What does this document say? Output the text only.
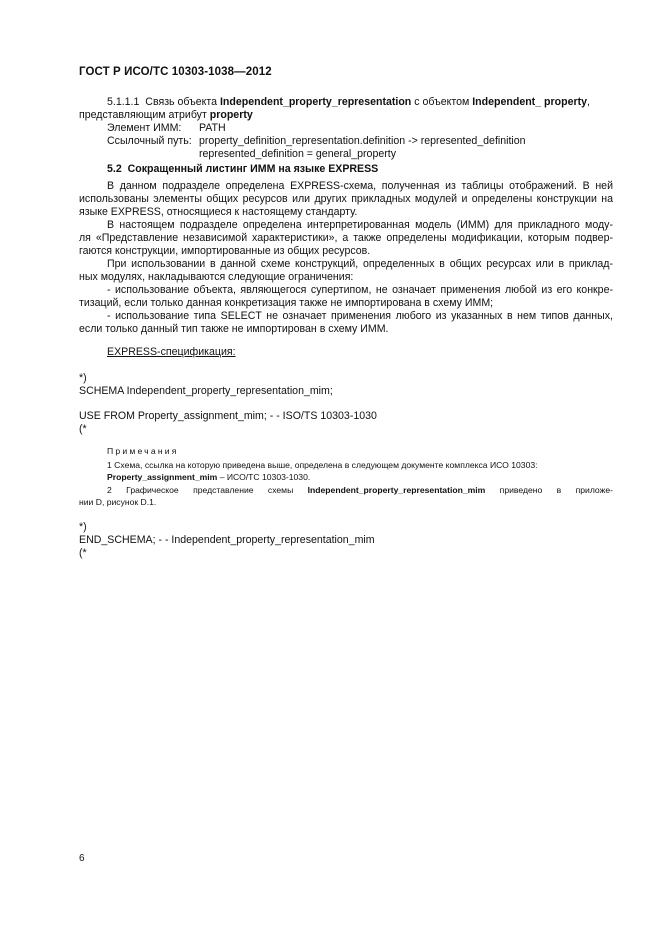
ГОСТ Р ИСО/ТС 10303-1038—2012
5.1.1.1 Связь объекта Independent_property_representation с объектом Independent_ property,
представляющим атрибут property
Элемент ИММ: PATH
Ссылочный путь: property_definition_representation.definition -> represented_definition
represented_definition = general_property
5.2 Сокращенный листинг ИММ на языке EXPRESS
В данном подразделе определена EXPRESS-схема, полученная из таблицы отображений. В ней
использованы элементы общих ресурсов или других прикладных модулей и определены конструкции на
языке EXPRESS, относящиеся к настоящему стандарту.
В настоящем подразделе определена интерпретированная модель (ИММ) для прикладного моду-
ля «Представление независимой характеристики», а также определены модификации, которым подвер-
гаются конструкции, импортированные из общих ресурсов.
При использовании в данной схеме конструкций, определенных в общих ресурсах или в приклад-
ных модулях, накладываются следующие ограничения:
- использование объекта, являющегося супертипом, не означает применения любой из его конкре-
тизаций, если только данная конкретизация также не импортирована в схему ИММ;
- использование типа SELECT не означает применения любого из указанных в нем типов данных,
если только данный тип также не импортирован в схему ИММ.
EXPRESS-спецификация:
*)
SCHEMA Independent_property_representation_mim;
USE FROM Property_assignment_mim; - - ISO/TS 10303-1030
(*
Примечания
1 Схема, ссылка на которую приведена выше, определена в следующем документе комплекса ИСО 10303:
Property_assignment_mim – ИСО/ТС 10303-1030.
2 Графическое представление схемы Independent_property_representation_mim приведено в приложе-
нии D, рисунок D.1.
*)
END_SCHEMA; - - Independent_property_representation_mim
(*
6
